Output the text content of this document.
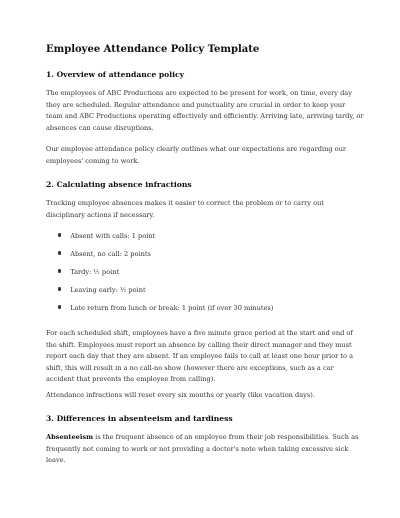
Employee Attendance Policy Template
1. Overview of attendance policy

The employees of ABC Productions are expected to be present for work, on time, every day they are scheduled. Regular attendance and punctuality are crucial in order to keep your team and ABC Productions operating effectively and efficiently. Arriving late, arriving tardy, or absences can cause disruptions.

Our employee attendance policy clearly outlines what our expectations are regarding our employees' coming to work.

2. Calculating absence infractions

Tracking employee absences makes it easier to correct the problem or to carry out disciplinary actions if necessary.

Absent with calls: 1 point
Absent, no call: 2 points
Tardy: ½ point
Leaving early: ½ point
Late return from lunch or break: 1 point (if over 30 minutes)

For each scheduled shift, employees have a five minute grace period at the start and end of the shift. Employees must report an absence by calling their direct manager and they must report each day that they are absent. If an employee fails to call at least one hour prior to a shift, this will result in a no call-no show (however there are exceptions, such as a car accident that prevents the employee from calling).

Attendance infractions will reset every six months or yearly (like vacation days).

3. Differences in absenteeism and tardiness

Absenteeism is the frequent absence of an employee from their job responsibilities. Such as frequently not coming to work or not providing a doctor's note when taking excessive sick leave.
